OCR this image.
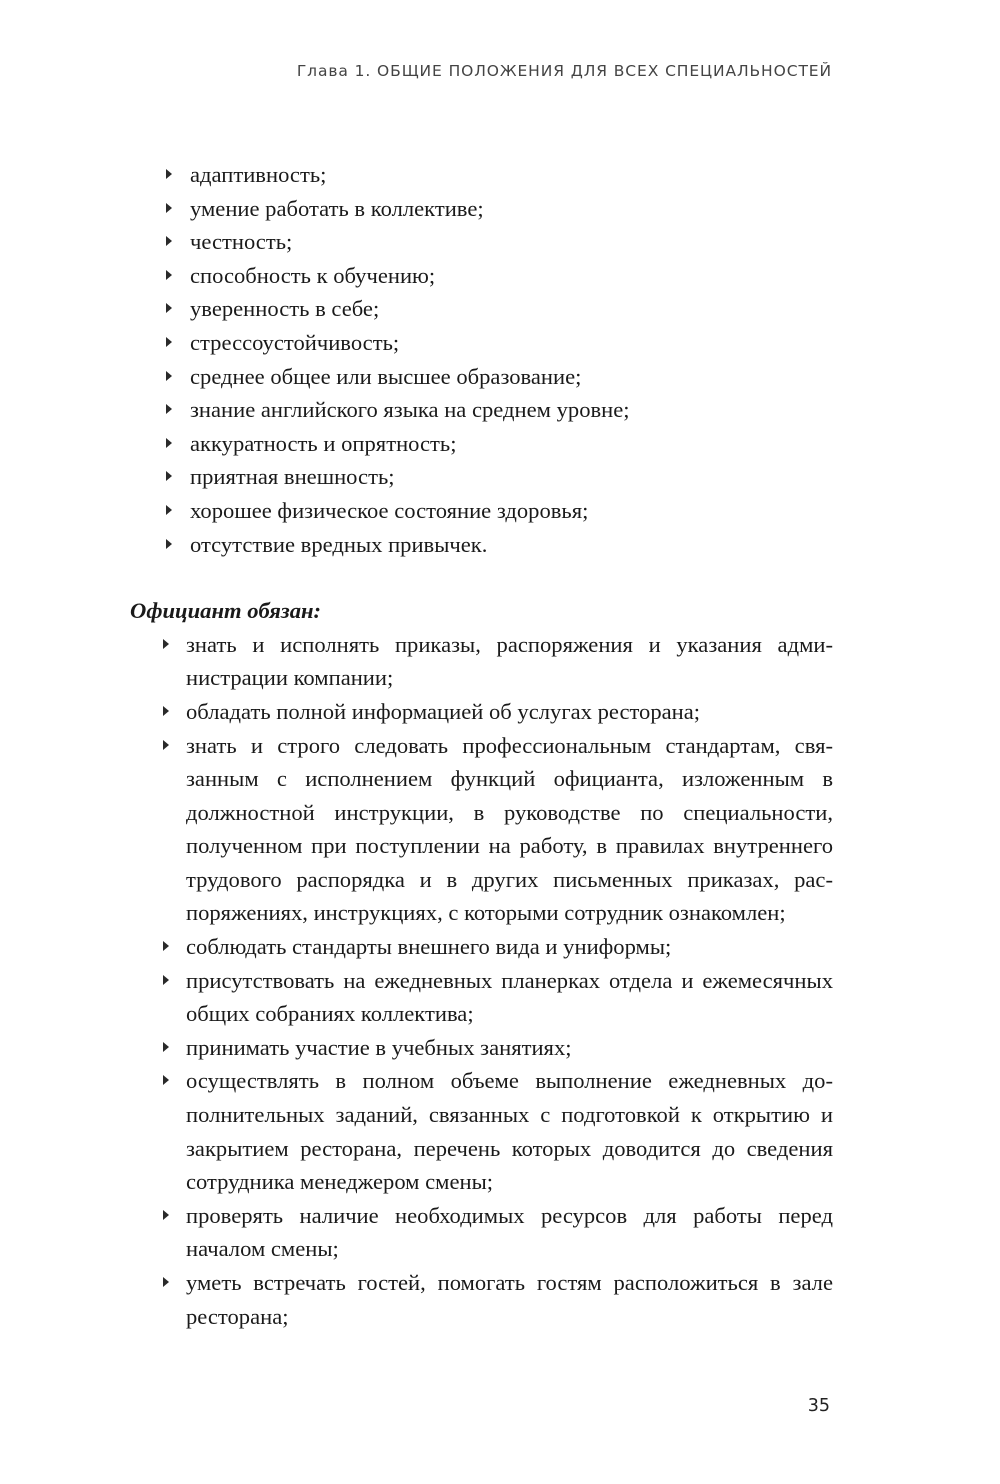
Глава 1. ОБЩИЕ ПОЛОЖЕНИЯ ДЛЯ ВСЕХ СПЕЦИАЛЬНОСТЕЙ
адаптивность;
умение работать в коллективе;
честность;
способность к обучению;
уверенность в себе;
стрессоустойчивость;
среднее общее или высшее образование;
знание английского языка на среднем уровне;
аккуратность и опрятность;
приятная внешность;
хорошее физическое состояние здоровья;
отсутствие вредных привычек.

Официант обязан:

знать и исполнять приказы, распоряжения и указания администрации компании;
обладать полной информацией об услугах ресторана;
знать и строго следовать профессиональным стандартам, связанным с исполнением функций официанта, изложенным в должностной инструкции, в руководстве по специальности, полученном при поступлении на работу, в правилах внутреннего трудового распорядка и в других письменных приказах, распоряжениях, инструкциях, с которыми сотрудник ознакомлен;
соблюдать стандарты внешнего вида и униформы;
присутствовать на ежедневных планерках отдела и ежемесячных общих собраниях коллектива;
принимать участие в учебных занятиях;
осуществлять в полном объеме выполнение ежедневных дополнительных заданий, связанных с подготовкой к открытию и закрытием ресторана, перечень которых доводится до сведения сотрудника менеджером смены;
проверять наличие необходимых ресурсов для работы перед началом смены;
уметь встречать гостей, помогать гостям расположиться в зале ресторана;
35
